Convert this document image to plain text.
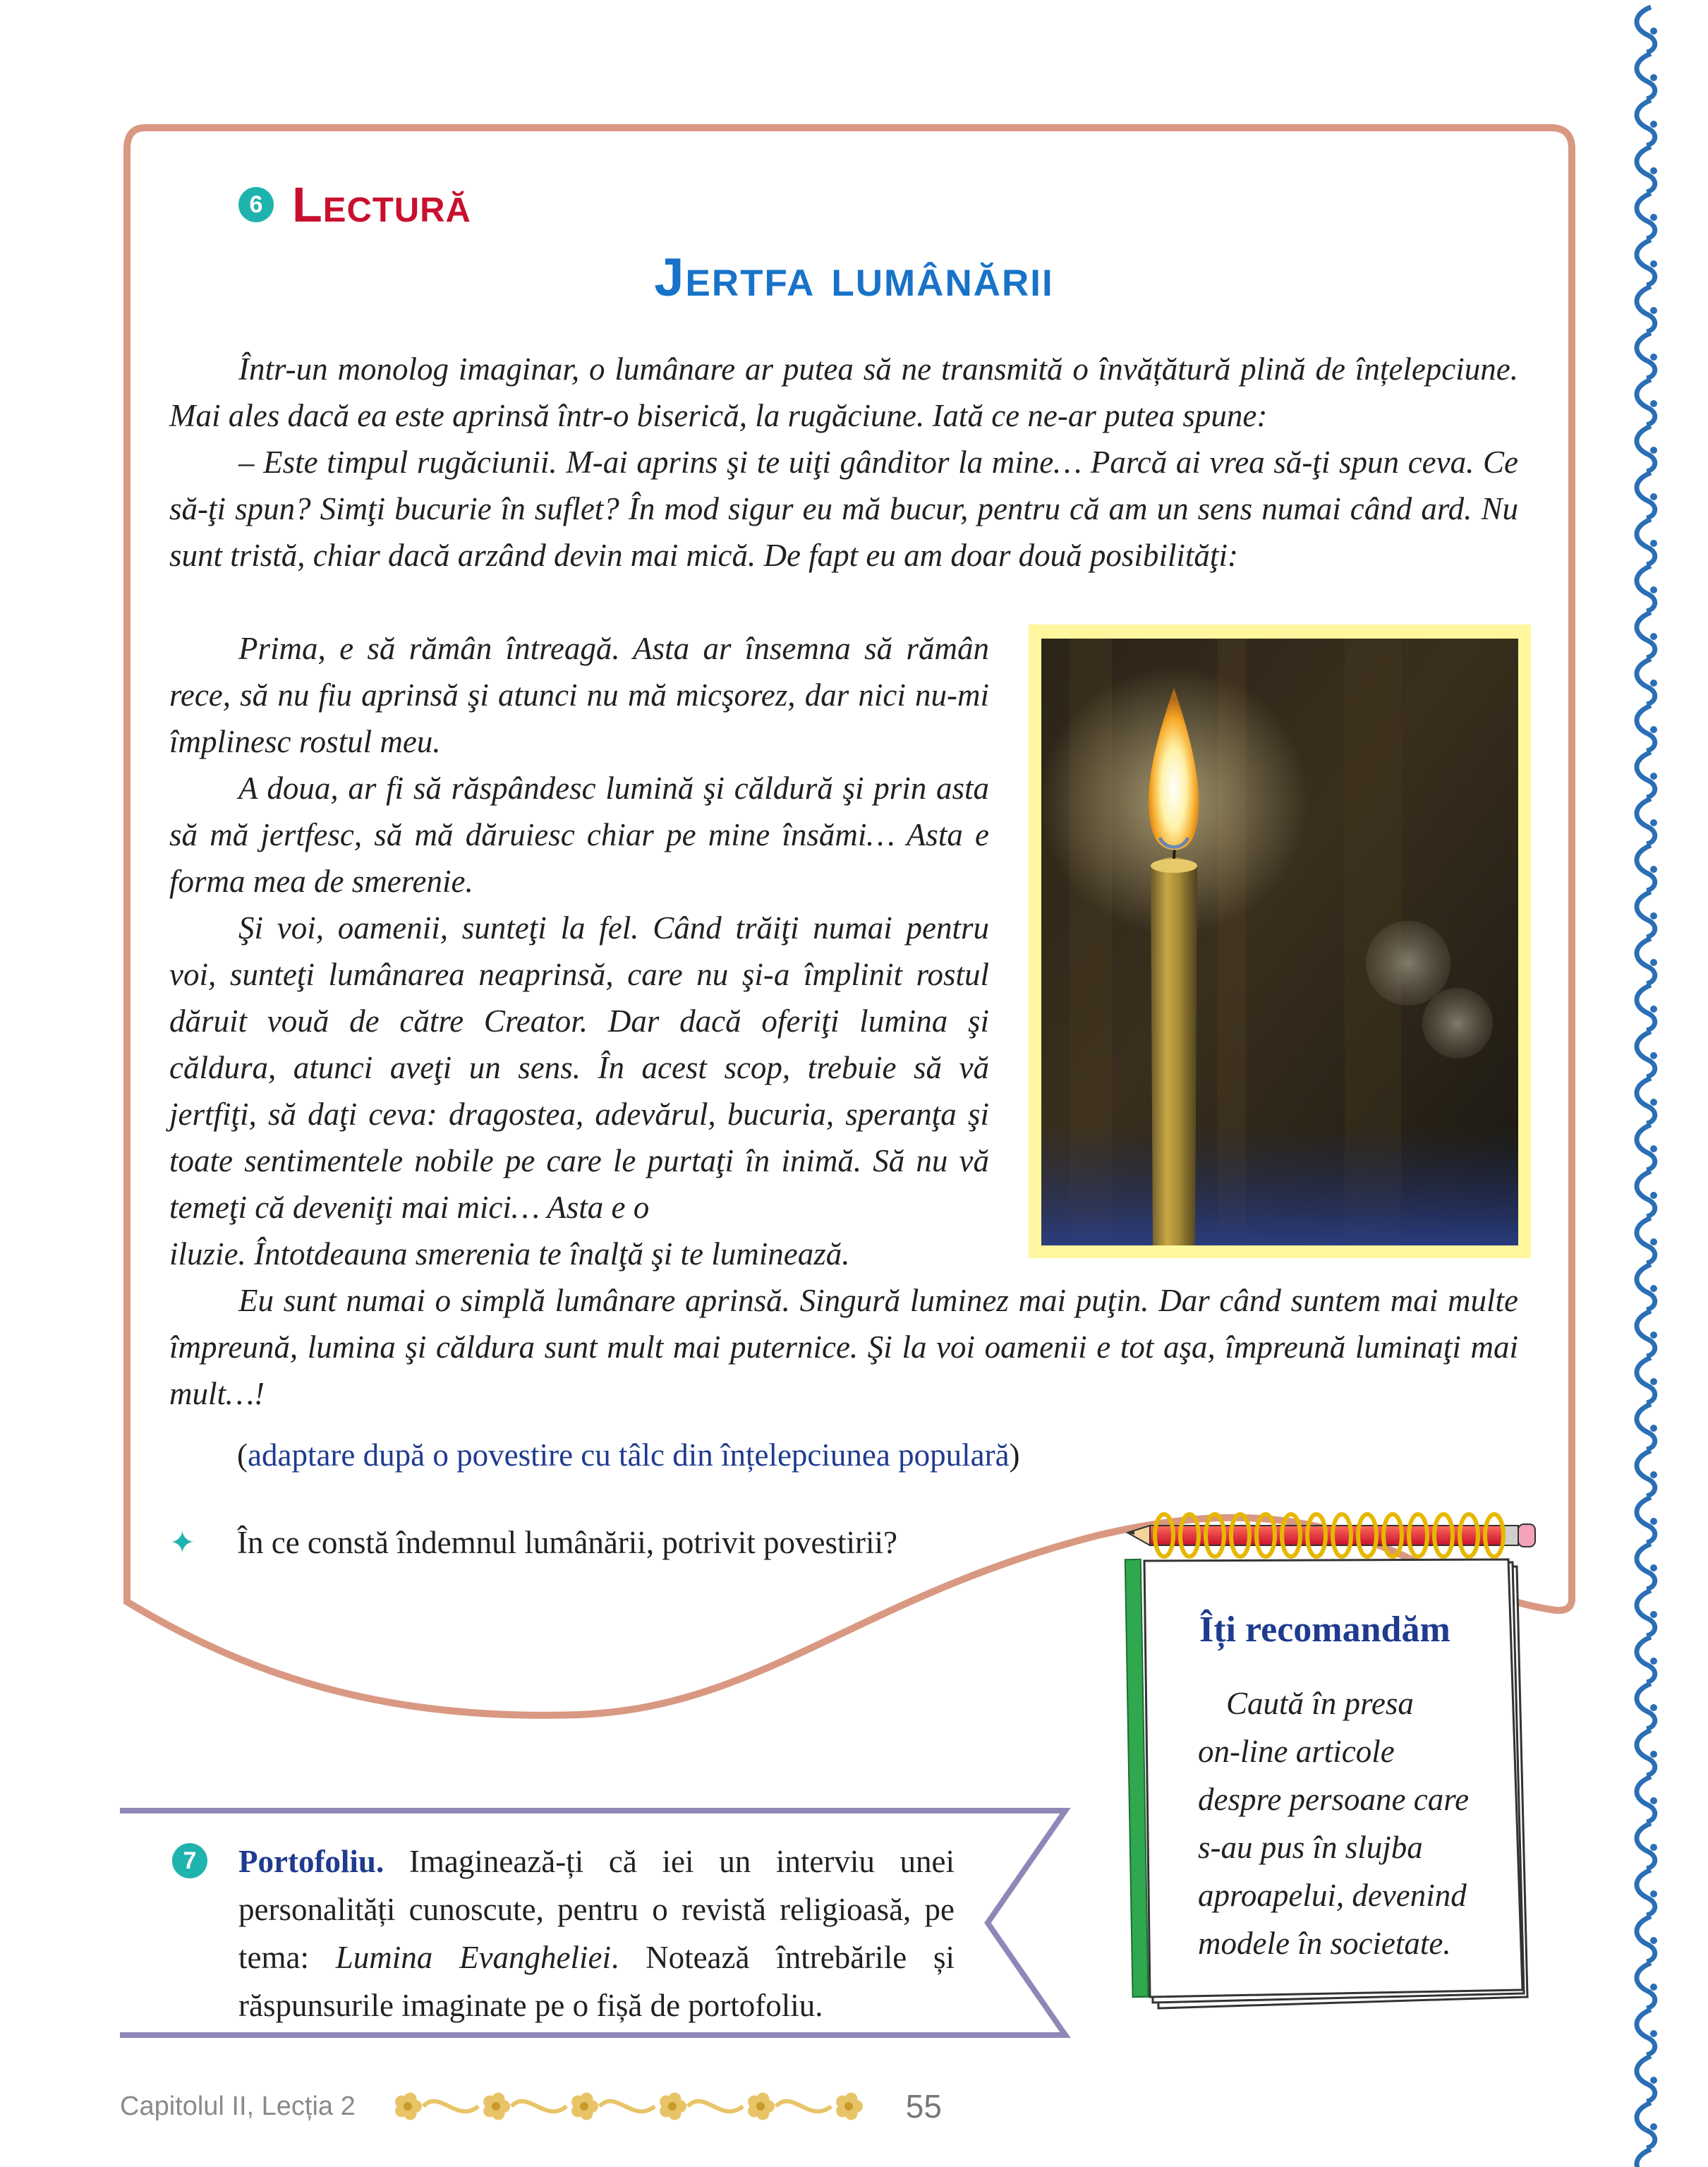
6 Lectură
Jertfa lumânării

Într-un monolog imaginar, o lumânare ar putea să ne transmită o învățătură plină de înțelepciune. Mai ales dacă ea este aprinsă într-o biserică, la rugăciune. Iată ce ne-ar putea spune:

– Este timpul rugăciunii. M-ai aprins şi te uiţi gânditor la mine… Parcă ai vrea să-ţi spun ceva. Ce să-ţi spun? Simţi bucurie în suflet? În mod sigur eu mă bucur, pentru că am un sens numai când ard. Nu sunt tristă, chiar dacă arzând devin mai mică. De fapt eu am doar două posibilităţi:

Prima, e să rămân întreagă. Asta ar însemna să rămân rece, să nu fiu aprinsă şi atunci nu mă micşorez, dar nici nu-mi împlinesc rostul meu.

A doua, ar fi să răspândesc lumină şi căldură şi prin asta să mă jertfesc, să mă dăruiesc chiar pe mine însămi… Asta e forma mea de smerenie.

Şi voi, oamenii, sunteţi la fel. Când trăiţi numai pentru voi, sunteţi lumânarea neaprinsă, care nu şi-a împlinit rostul dăruit vouă de către Creator. Dar dacă oferiţi lumina şi căldura, atunci aveţi un sens. În acest scop, trebuie să vă jertfiţi, să daţi ceva: dragostea, adevărul, bucuria, speranţa şi toate sentimentele nobile pe care le purtaţi în inimă. Să nu vă temeţi că deveniţi mai mici… Asta e o

iluzie. Întotdeauna smerenia te înalţă şi te luminează.

Eu sunt numai o simplă lumânare aprinsă. Singură luminez mai puţin. Dar când suntem mai multe împreună, lumina şi căldura sunt mult mai puternice. Şi la voi oamenii e tot aşa, împreună luminaţi mai mult…!

(adaptare după o povestire cu tâlc din înțelepciunea populară)
✦	În ce constă îndemnul lumânării, potrivit povestirii?
Îți recomandăm

Caută în presa
on-line articole
despre persoane care
s-au pus în slujba
aproapelui, devenind
modele în societate.

7	Portofoliu. Imaginează-ți că iei un interviu unei personalități cunoscute, pentru o revistă religioasă, pe tema: Lumina Evangheliei. Notează întrebările și răspunsurile imaginate pe o fișă de portofoliu.

Capitolul II, Lecția 2	55
